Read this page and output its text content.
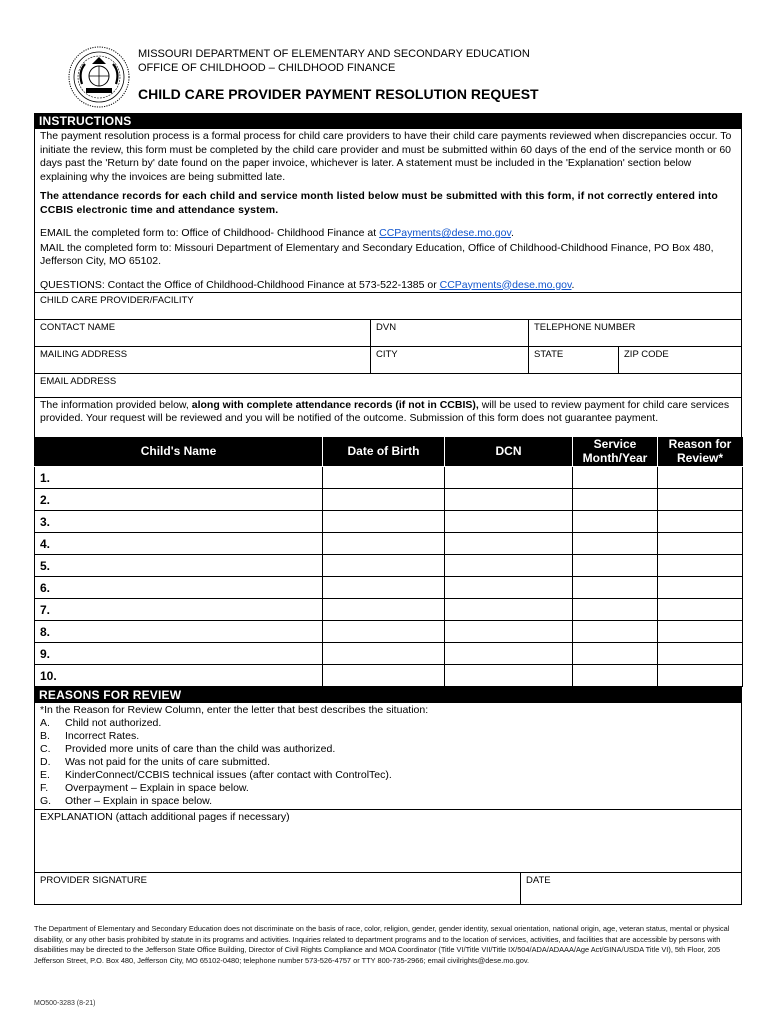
MISSOURI DEPARTMENT OF ELEMENTARY AND SECONDARY EDUCATION
OFFICE OF CHILDHOOD – CHILDHOOD FINANCE
CHILD CARE PROVIDER PAYMENT RESOLUTION REQUEST
INSTRUCTIONS
The payment resolution process is a formal process for child care providers to have their child care payments reviewed when discrepancies occur. To initiate the review, this form must be completed by the child care provider and must be submitted within 60 days of the end of the service month or 60 days past the 'Return by' date found on the paper invoice, whichever is later. A statement must be included in the 'Explanation' section below explaining why the invoices are being submitted late.
The attendance records for each child and service month listed below must be submitted with this form, if not correctly entered into CCBIS electronic time and attendance system.
EMAIL the completed form to: Office of Childhood- Childhood Finance at CCPayments@dese.mo.gov.
MAIL the completed form to: Missouri Department of Elementary and Secondary Education, Office of Childhood-Childhood Finance, PO Box 480, Jefferson City, MO 65102.
QUESTIONS: Contact the Office of Childhood-Childhood Finance at 573-522-1385 or CCPayments@dese.mo.gov.
CHILD CARE PROVIDER/FACILITY
CONTACT NAME	DVN	TELEPHONE NUMBER
MAILING ADDRESS	CITY	STATE	ZIP CODE
EMAIL ADDRESS
The information provided below, along with complete attendance records (if not in CCBIS), will be used to review payment for child care services provided. Your request will be reviewed and you will be notified of the outcome. Submission of this form does not guarantee payment.
Child's Name	Date of Birth	DCN	Service Month/Year	Reason for Review*
1.				
2.				
3.				
4.				
5.				
6.				
7.				
8.				
9.				
10.				
REASONS FOR REVIEW
*In the Reason for Review Column, enter the letter that best describes the situation:
A.	Child not authorized.
B.	Incorrect Rates.
C.	Provided more units of care than the child was authorized.
D.	Was not paid for the units of care submitted.
E.	KinderConnect/CCBIS technical issues (after contact with ControlTec).
F.	Overpayment – Explain in space below.
G.	Other – Explain in space below.
EXPLANATION (attach additional pages if necessary)
PROVIDER SIGNATURE	DATE
The Department of Elementary and Secondary Education does not discriminate on the basis of race, color, religion, gender, gender identity, sexual orientation, national origin, age, veteran status, mental or physical disability, or any other basis prohibited by statute in its programs and activities. Inquiries related to department programs and to the location of services, activities, and facilities that are accessible by persons with disabilities may be directed to the Jefferson State Office Building, Director of Civil Rights Compliance and MOA Coordinator (Title VI/Title VII/Title IX/504/ADA/ADAAA/Age Act/GINA/USDA Title VI), 5th Floor, 205 Jefferson Street, P.O. Box 480, Jefferson City, MO 65102-0480; telephone number 573-526-4757 or TTY 800-735-2966; email civilrights@dese.mo.gov.
MO500-3283 (8-21)
